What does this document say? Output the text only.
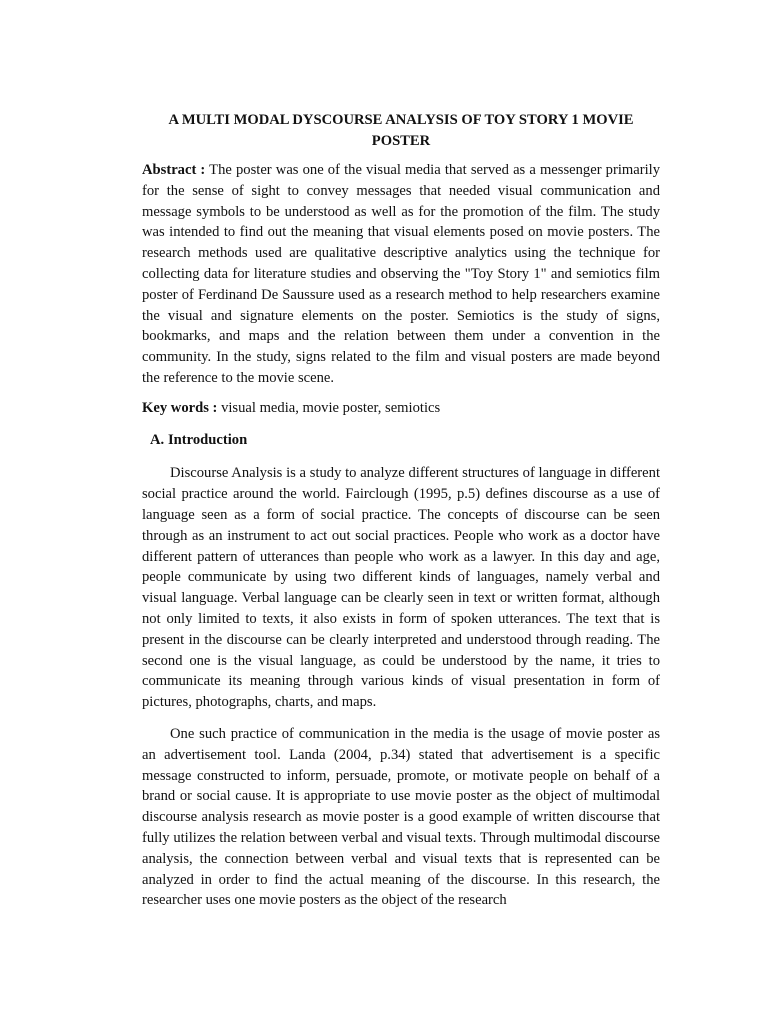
A MULTI MODAL DYSCOURSE ANALYSIS OF TOY STORY 1 MOVIE POSTER

Abstract : The poster was one of the visual media that served as a messenger primarily for the sense of sight to convey messages that needed visual communication and message symbols to be understood as well as for the promotion of the film. The study was intended to find out the meaning that visual elements posed on movie posters. The research methods used are qualitative descriptive analytics using the technique for collecting data for literature studies and observing the "Toy Story 1" and semiotics film poster of Ferdinand De Saussure used as a research method to help researchers examine the visual and signature elements on the poster. Semiotics is the study of signs, bookmarks, and maps and the relation between them under a convention in the community. In the study, signs related to the film and visual posters are made beyond the reference to the movie scene.

Key words : visual media, movie poster, semiotics

A. Introduction

Discourse Analysis is a study to analyze different structures of language in different social practice around the world. Fairclough (1995, p.5) defines discourse as a use of language seen as a form of social practice. The concepts of discourse can be seen through as an instrument to act out social practices. People who work as a doctor have different pattern of utterances than people who work as a lawyer. In this day and age, people communicate by using two different kinds of languages, namely verbal and visual language. Verbal language can be clearly seen in text or written format, although not only limited to texts, it also exists in form of spoken utterances. The text that is present in the discourse can be clearly interpreted and understood through reading. The second one is the visual language, as could be understood by the name, it tries to communicate its meaning through various kinds of visual presentation in form of pictures, photographs, charts, and maps.

One such practice of communication in the media is the usage of movie poster as an advertisement tool. Landa (2004, p.34) stated that advertisement is a specific message constructed to inform, persuade, promote, or motivate people on behalf of a brand or social cause. It is appropriate to use movie poster as the object of multimodal discourse analysis research as movie poster is a good example of written discourse that fully utilizes the relation between verbal and visual texts. Through multimodal discourse analysis, the connection between verbal and visual texts that is represented can be analyzed in order to find the actual meaning of the discourse. In this research, the researcher uses one movie posters as the object of the research
